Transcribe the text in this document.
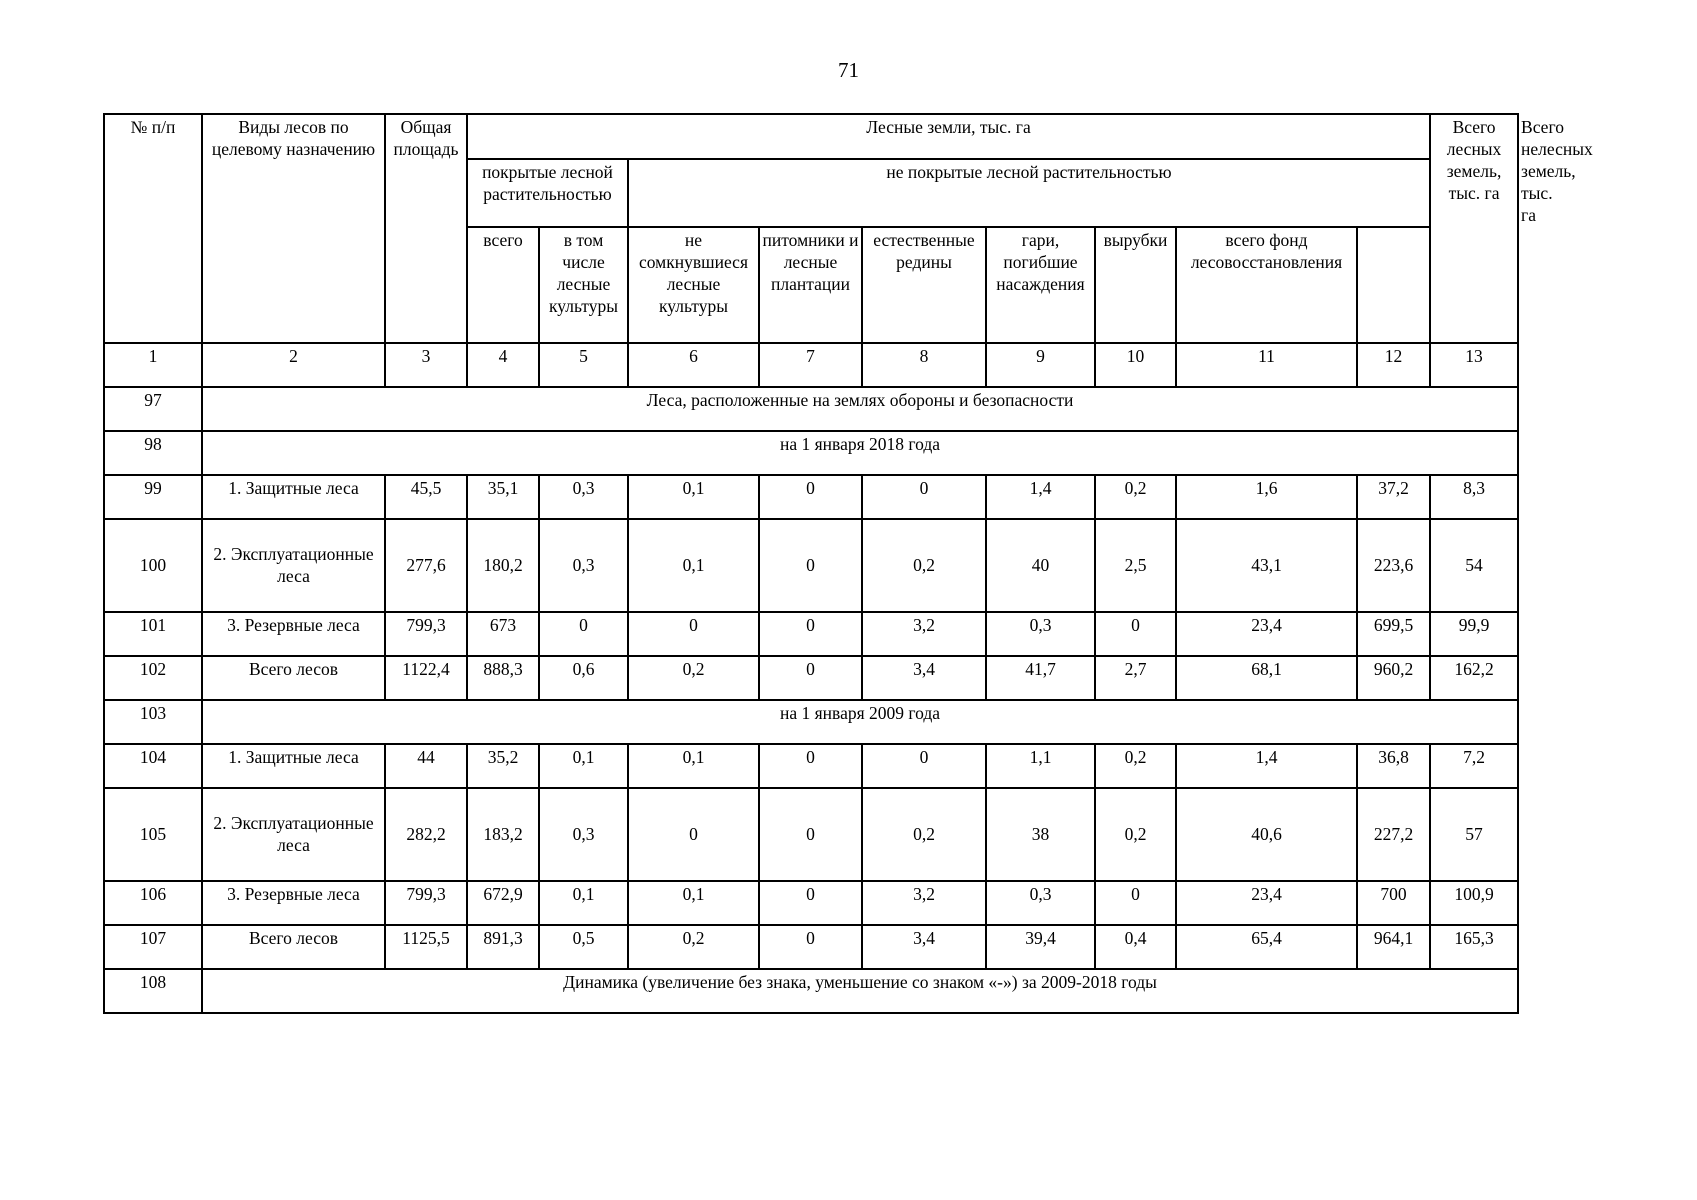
71
№ п/п	Виды лесов по целевому назначению	Общая площадь	Лесные земли, тыс. га									Всего лесных земель, тыс. га	Всего нелесных земель, тыс. га
			покрытые лесной растительностью		не покрытые лесной растительностью								
			всего	в том числе лесные культуры	не сомкнувшиеся лесные культуры	питомники и лесные плантации	естественные редины	гари, погибшие насаждения	вырубки	всего фонд лесовосстановления			
1	2	3	4	5	6	7	8	9	10	11	12	13	
97	Леса, расположенные на землях обороны и безопасности												
98	на 1 января 2018 года												
99	1. Защитные леса	45,5	35,1	0,3	0,1	0	0	1,4	0,2	1,6	37,2	8,3	
100	2. Эксплуатационные леса	277,6	180,2	0,3	0,1	0	0,2	40	2,5	43,1	223,6	54	
101	3. Резервные леса	799,3	673	0	0	0	3,2	0,3	0	23,4	699,5	99,9	
102	Всего лесов	1122,4	888,3	0,6	0,2	0	3,4	41,7	2,7	68,1	960,2	162,2	
103	на 1 января 2009 года												
104	1. Защитные леса	44	35,2	0,1	0,1	0	0	1,1	0,2	1,4	36,8	7,2	
105	2. Эксплуатационные леса	282,2	183,2	0,3	0	0	0,2	38	0,2	40,6	227,2	57	
106	3. Резервные леса	799,3	672,9	0,1	0,1	0	3,2	0,3	0	23,4	700	100,9	
107	Всего лесов	1125,5	891,3	0,5	0,2	0	3,4	39,4	0,4	65,4	964,1	165,3	
108	Динамика (увеличение без знака, уменьшение со знаком «-») за 2009-2018 годы												
